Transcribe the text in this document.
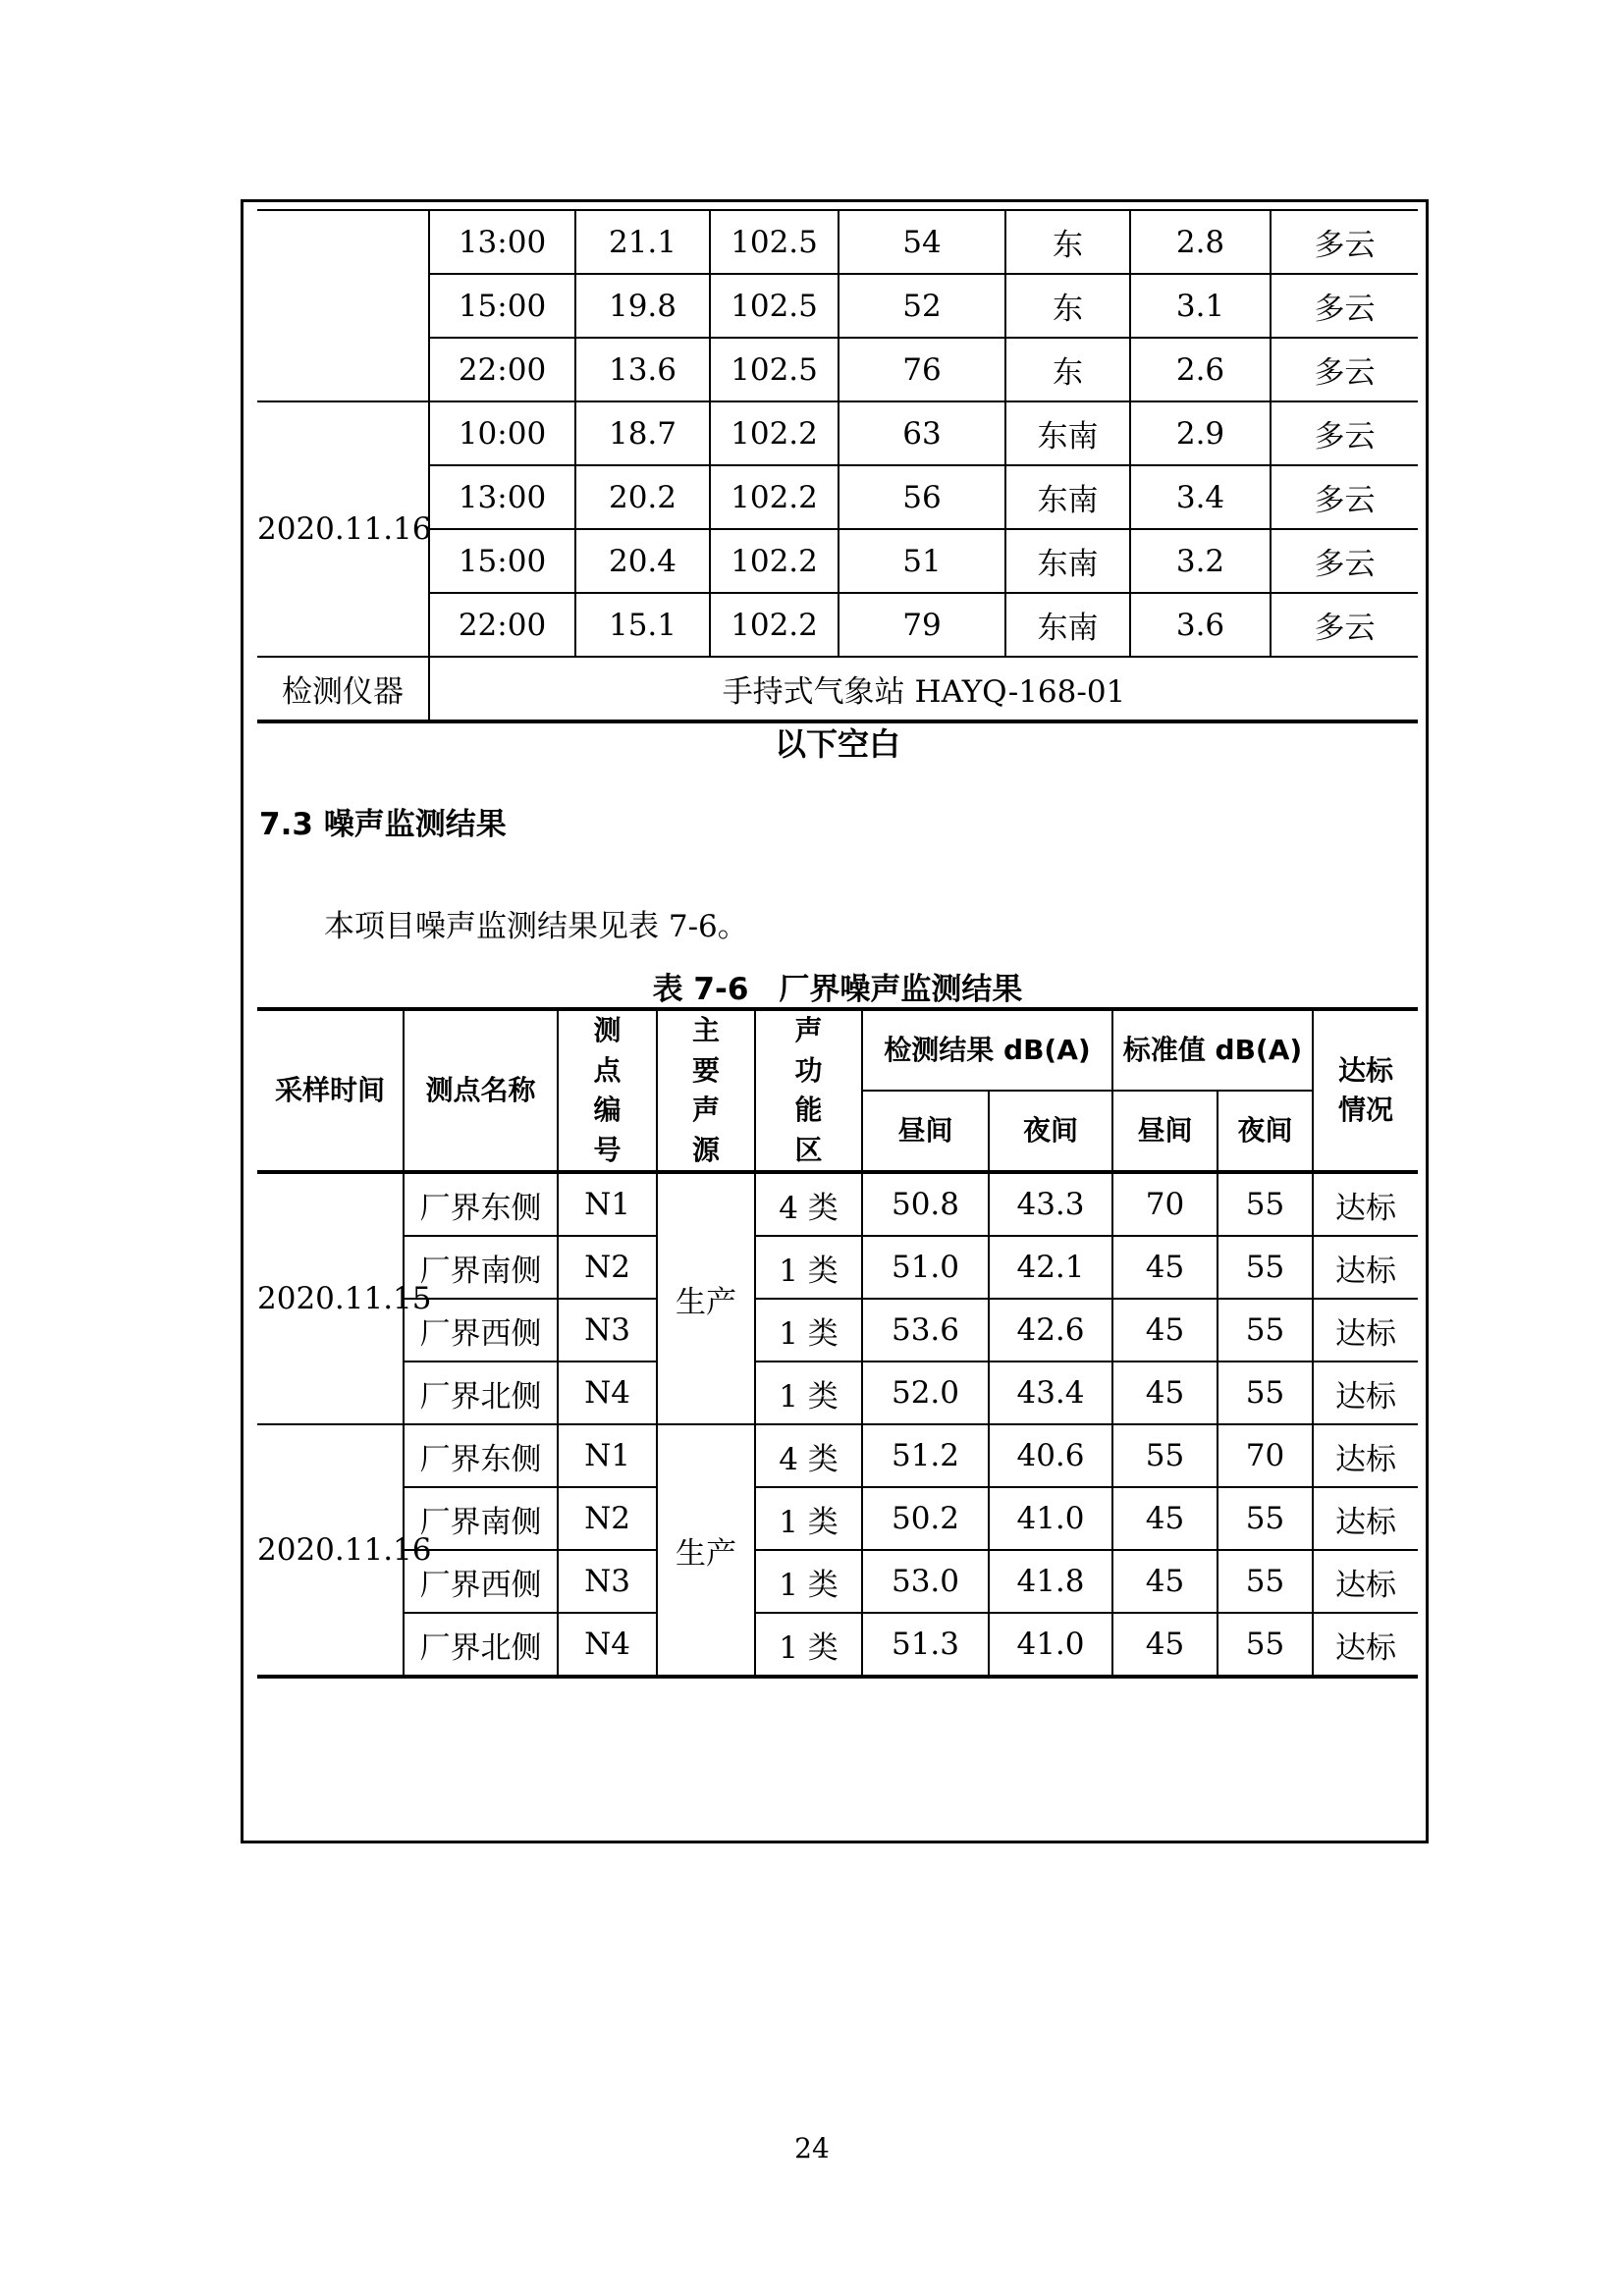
	13:00	21.1	102.5	54	东	2.8	多云
	15:00	19.8	102.5	52	东	3.1	多云
	22:00	13.6	102.5	76	东	2.6	多云
2020.11.16	10:00	18.7	102.2	63	东南	2.9	多云
	13:00	20.2	102.2	56	东南	3.4	多云
	15:00	20.4	102.2	51	东南	3.2	多云
	22:00	15.1	102.2	79	东南	3.6	多云
检测仪器	手持式气象站 HAYQ-168-01						
以下空白
7.3 噪声监测结果
本项目噪声监测结果见表 7-6。
表 7-6　厂界噪声监测结果
采样时间	测点名称	测点编号	主要声源	声功能区	检测结果 dB(A)		标准值 dB(A)		达标情况
					昼间	夜间	昼间	夜间	
2020.11.15	厂界东侧	N1	生产	4 类	50.8	43.3	70	55	达标
	厂界南侧	N2		1 类	51.0	42.1	45	55	达标
	厂界西侧	N3		1 类	53.6	42.6	45	55	达标
	厂界北侧	N4		1 类	52.0	43.4	45	55	达标
2020.11.16	厂界东侧	N1	生产	4 类	51.2	40.6	55	70	达标
	厂界南侧	N2		1 类	50.2	41.0	45	55	达标
	厂界西侧	N3		1 类	53.0	41.8	45	55	达标
	厂界北侧	N4		1 类	51.3	41.0	45	55	达标
24
